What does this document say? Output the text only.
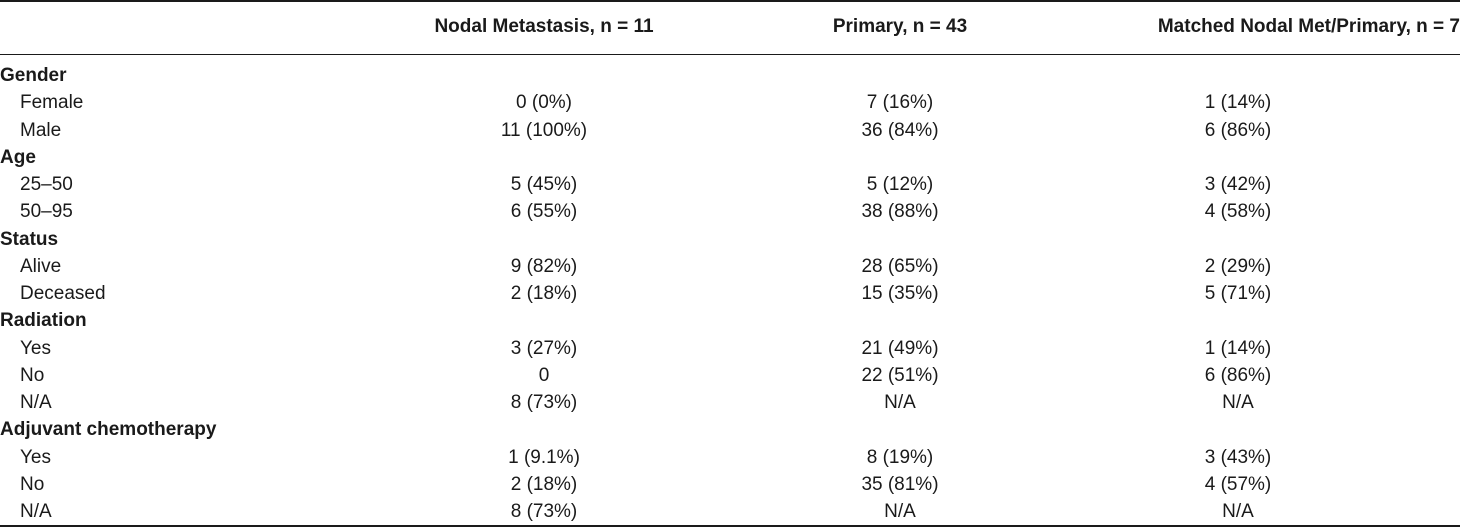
Nodal Metastasis, n = 11	Primary, n = 43	Matched Nodal Met/Primary, n = 7
Gender
Female	0 (0%)	7 (16%)	1 (14%)
Male	11 (100%)	36 (84%)	6 (86%)
Age
25–50	5 (45%)	5 (12%)	3 (42%)
50–95	6 (55%)	38 (88%)	4 (58%)
Status
Alive	9 (82%)	28 (65%)	2 (29%)
Deceased	2 (18%)	15 (35%)	5 (71%)
Radiation
Yes	3 (27%)	21 (49%)	1 (14%)
No	0	22 (51%)	6 (86%)
N/A	8 (73%)	N/A	N/A
Adjuvant chemotherapy
Yes	1 (9.1%)	8 (19%)	3 (43%)
No	2 (18%)	35 (81%)	4 (57%)
N/A	8 (73%)	N/A	N/A
